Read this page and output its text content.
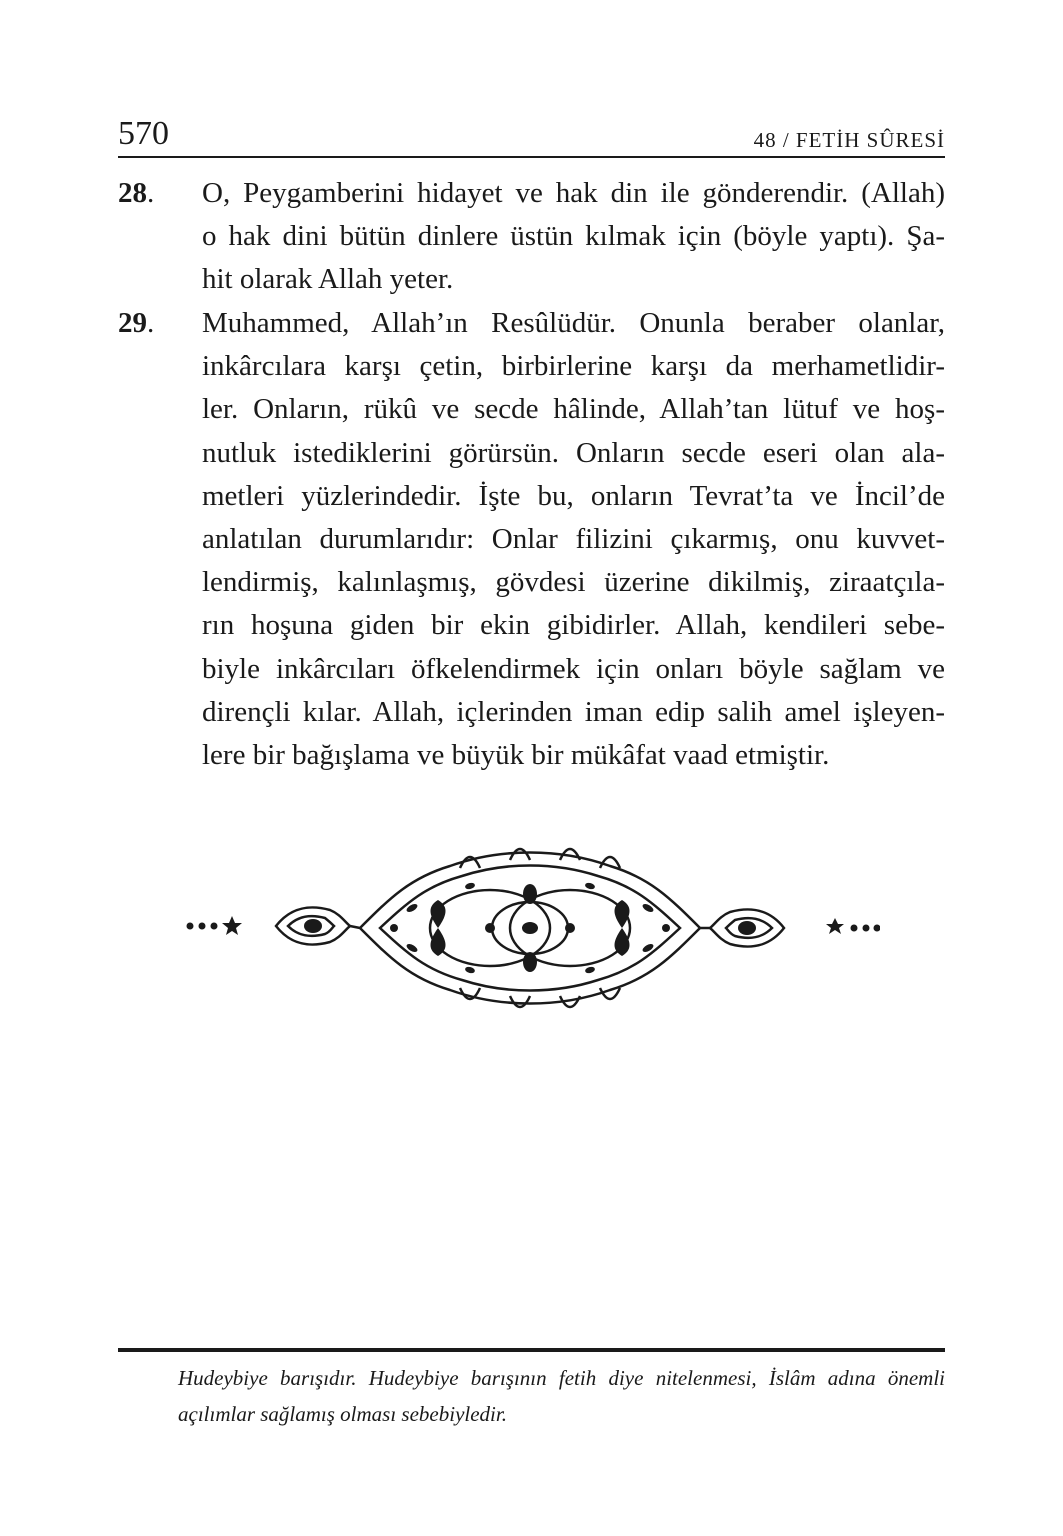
570	48 / FETİH SÛRESİ
28. O, Peygamberini hidayet ve hak din ile gönderendir. (Allah)
o hak dini bütün dinlere üstün kılmak için (böyle yaptı). Şa-
hit olarak Allah yeter.

29. Muhammed, Allah’ın Resûlüdür. Onunla beraber olanlar,
inkârcılara karşı çetin, birbirlerine karşı da merhametlidir-
ler. Onların, rükû ve secde hâlinde, Allah’tan lütuf ve hoş-
nutluk istediklerini görürsün. Onların secde eseri olan ala-
metleri yüzlerindedir. İşte bu, onların Tevrat’ta ve İncil’de
anlatılan durumlarıdır: Onlar filizini çıkarmış, onu kuvvet-
lendirmiş, kalınlaşmış, gövdesi üzerine dikilmiş, ziraatçıla-
rın hoşuna giden bir ekin gibidirler. Allah, kendileri sebe-
biyle inkârcıları öfkelendirmek için onları böyle sağlam ve
dirençli kılar. Allah, içlerinden iman edip salih amel işleyen-
lere bir bağışlama ve büyük bir mükâfat vaad etmiştir.

Hudeybiye barışıdır. Hudeybiye barışının fetih diye nitelenmesi, İslâm adına önemli
açılımlar sağlamış olması sebebiyledir.
